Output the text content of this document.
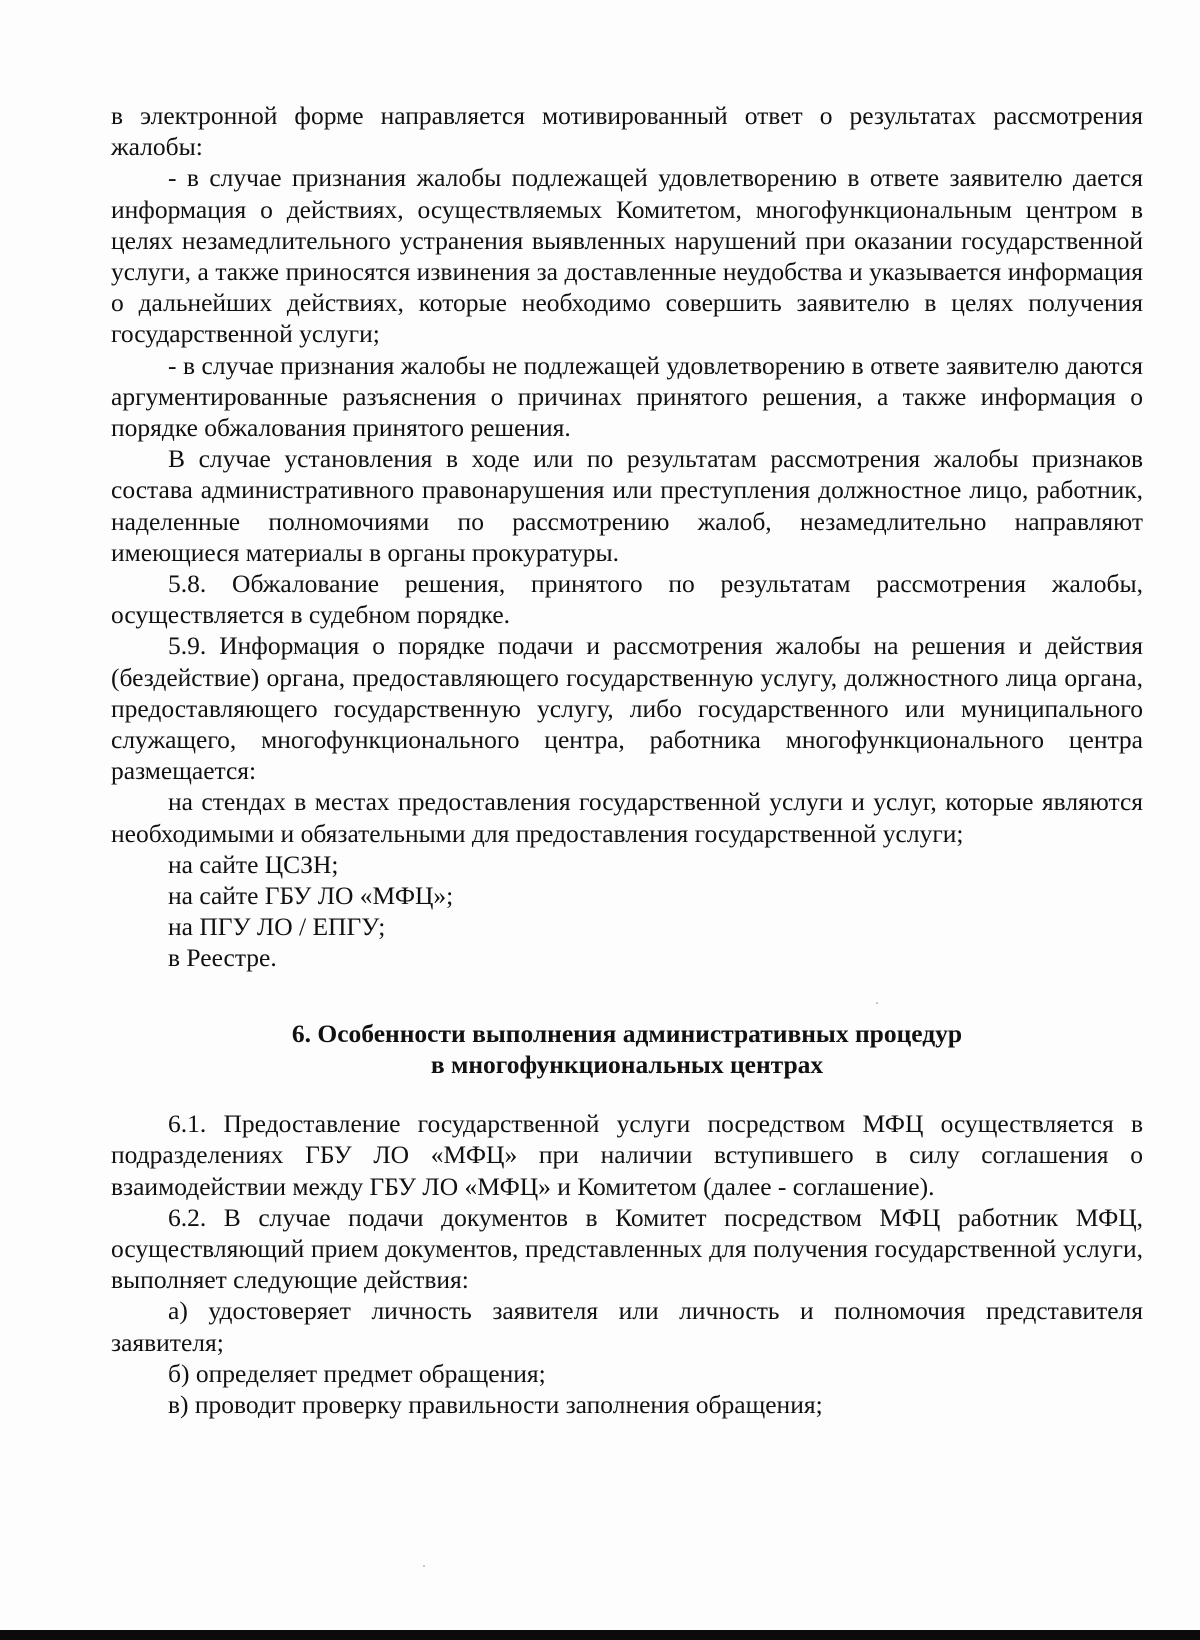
в электронной форме направляется мотивированный ответ о результатах рассмотрения жалобы:

- в случае признания жалобы подлежащей удовлетворению в ответе заявителю дается информация о действиях, осуществляемых Комитетом, многофункциональным центром в целях незамедлительного устранения выявленных нарушений при оказании государственной услуги, а также приносятся извинения за доставленные неудобства и указывается информация о дальнейших действиях, которые необходимо совершить заявителю в целях получения государственной услуги;

- в случае признания жалобы не подлежащей удовлетворению в ответе заявителю даются аргументированные разъяснения о причинах принятого решения, а также информация о порядке обжалования принятого решения.

В случае установления в ходе или по результатам рассмотрения жалобы признаков состава административного правонарушения или преступления должностное лицо, работник, наделенные полномочиями по рассмотрению жалоб, незамедлительно направляют имеющиеся материалы в органы прокуратуры.

5.8. Обжалование решения, принятого по результатам рассмотрения жалобы, осуществляется в судебном порядке.

5.9. Информация о порядке подачи и рассмотрения жалобы на решения и действия (бездействие) органа, предоставляющего государственную услугу, должностного лица органа, предоставляющего государственную услугу, либо государственного или муниципального служащего, многофункционального центра, работника многофункционального центра размещается:

на стендах в местах предоставления государственной услуги и услуг, которые являются необходимыми и обязательными для предоставления государственной услуги;

на сайте ЦСЗН;

на сайте ГБУ ЛО «МФЦ»;

на ПГУ ЛО / ЕПГУ;

в Реестре.

6. Особенности выполнения административных процедур
в многофункциональных центрах

6.1. Предоставление государственной услуги посредством МФЦ осуществляется в подразделениях ГБУ ЛО «МФЦ» при наличии вступившего в силу соглашения о взаимодействии между ГБУ ЛО «МФЦ» и Комитетом (далее - соглашение).

6.2. В случае подачи документов в Комитет посредством МФЦ работник МФЦ, осуществляющий прием документов, представленных для получения государственной услуги, выполняет следующие действия:

а) удостоверяет личность заявителя или личность и полномочия представителя заявителя;

б) определяет предмет обращения;

в) проводит проверку правильности заполнения обращения;
